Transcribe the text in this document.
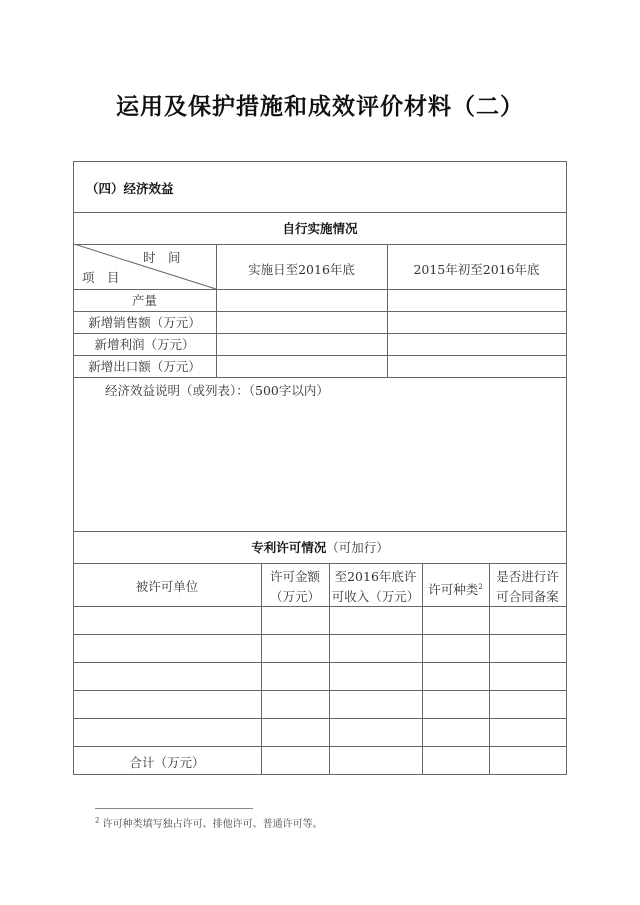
运用及保护措施和成效评价材料（二）
（四）经济效益
自行实施情况
时　间
项　目
实施日至2016年底	2015年初至2016年底
产量
新增销售额（万元）
新增利润（万元）
新增出口额（万元）
经济效益说明（或列表）：（500字以内）
专利许可情况（可加行）
被许可单位
许可金额
（万元）
至2016年底许
可收入（万元） 许可种类$^2$
是否进行许
可合同备案
合计（万元）
$^2$ 许可种类填写独占许可、排他许可、普通许可等。
